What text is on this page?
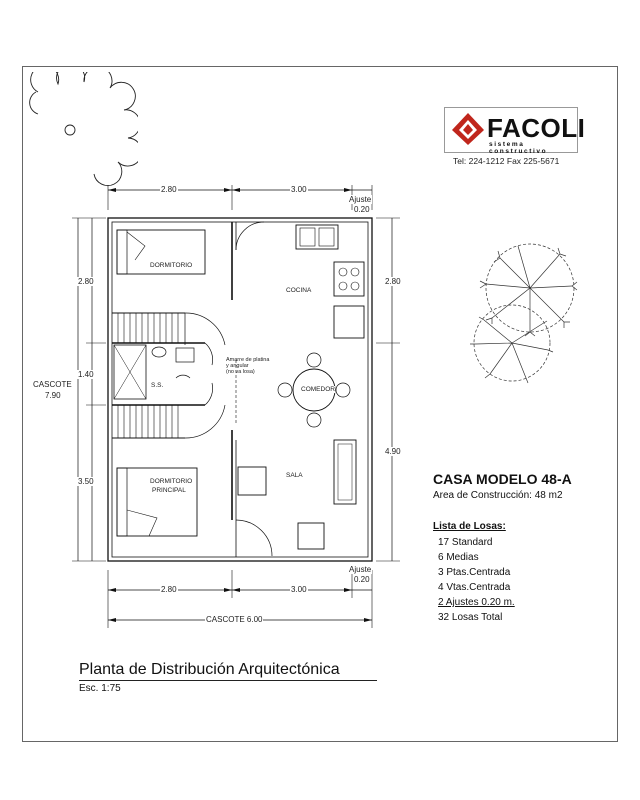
FACOLI
sistema constructivo
Tel: 224-1212 Fax 225-5671
2.80	3.00
Ajuste
0.20
2.80
1.40
3.50
CASCOTE
7.90
2.80
4.90
2.80	3.00
Ajuste
0.20
CASCOTE 6.00
DORMITORIO
COCINA
S.S.
COMEDOR
SALA
DORMITORIO
PRINCIPAL
Amarre de platina
y angular
(no va losa)
CASA MODELO 48-A
Area de Construcción: 48 m2
Lista de Losas:
17 Standard
6 Medias
3 Ptas.Centrada
4 Vtas.Centrada
2 Ajustes 0.20 m.
32 Losas Total
Planta de Distribución Arquitectónica
Esc. 1:75
